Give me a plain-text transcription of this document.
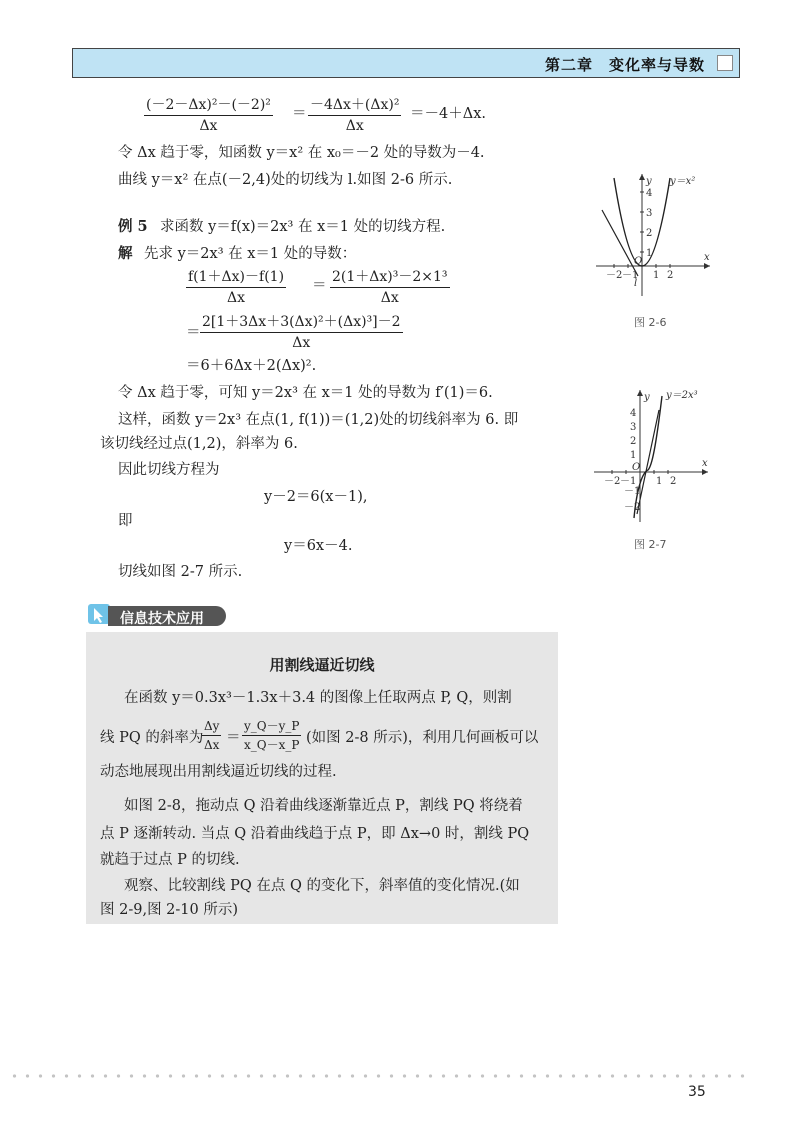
第二章　变化率与导数
$\frac{\text{(－2－Δx)²－(－2)²}}{\Delta x} = \frac{\text{－4Δx＋(Δx)²}}{\Delta x} =-4+\Delta x$.
令 Δx 趋于零，知函数 y＝x² 在 x₀＝－2 处的导数为－4.
曲线 y＝x² 在点(－2,4)处的切线为 l.如图 2-6 所示.
例 5 求函数 y＝f(x)＝2x³ 在 x＝1 处的切线方程.
解 先求 y＝2x³ 在 x＝1 处的导数：
$\frac{f(1+\Delta x)-f(1)}{\Delta x} = \frac{\text{2(1＋Δx)³－2×1³}}{\Delta x}$
＝ $\frac{\text{2[1＋3Δx＋3(Δx)²＋(Δx)³]－2}}{\Delta x}$
＝6＋6Δx＋2(Δx)².
令 Δx 趋于零，可知 y＝2x³ 在 x＝1 处的导数为 f′(1)＝6.
这样，函数 y＝2x³ 在点(1, f(1))＝(1,2)处的切线斜率为 6. 即
该切线经过点(1,2)，斜率为 6.
因此切线方程为
y－2＝6(x－1),
即
y＝6x－4.
切线如图 2-7 所示.
－2 －1 1 2
1
2
3
4
y
x
y＝x²
O
l
图 2-6
－2 －1 1 2
4
3
2
1
－1
－2
y
x
y＝2x³
O
图 2-7
信息技术应用
用割线逼近切线
在函数 y＝0.3x³－1.3x＋3.4 的图像上任取两点 P, Q，则割
线 PQ 的斜率为
$\frac{\Delta y}{\Delta x} = \frac{y\_Q-y\_P}{x\_Q-x\_P}$ (如图 2-8 所示)，利用几何画板可以
动态地展现出用割线逼近切线的过程.
如图 2-8，拖动点 Q 沿着曲线逐渐靠近点 P，割线 PQ 将绕着
点 P 逐渐转动. 当点 Q 沿着曲线趋于点 P，即 Δx→0 时，割线 PQ
就趋于过点 P 的切线.
观察、比较割线 PQ 在点 Q 的变化下，斜率值的变化情况.(如
图 2-9,图 2-10 所示)
35
